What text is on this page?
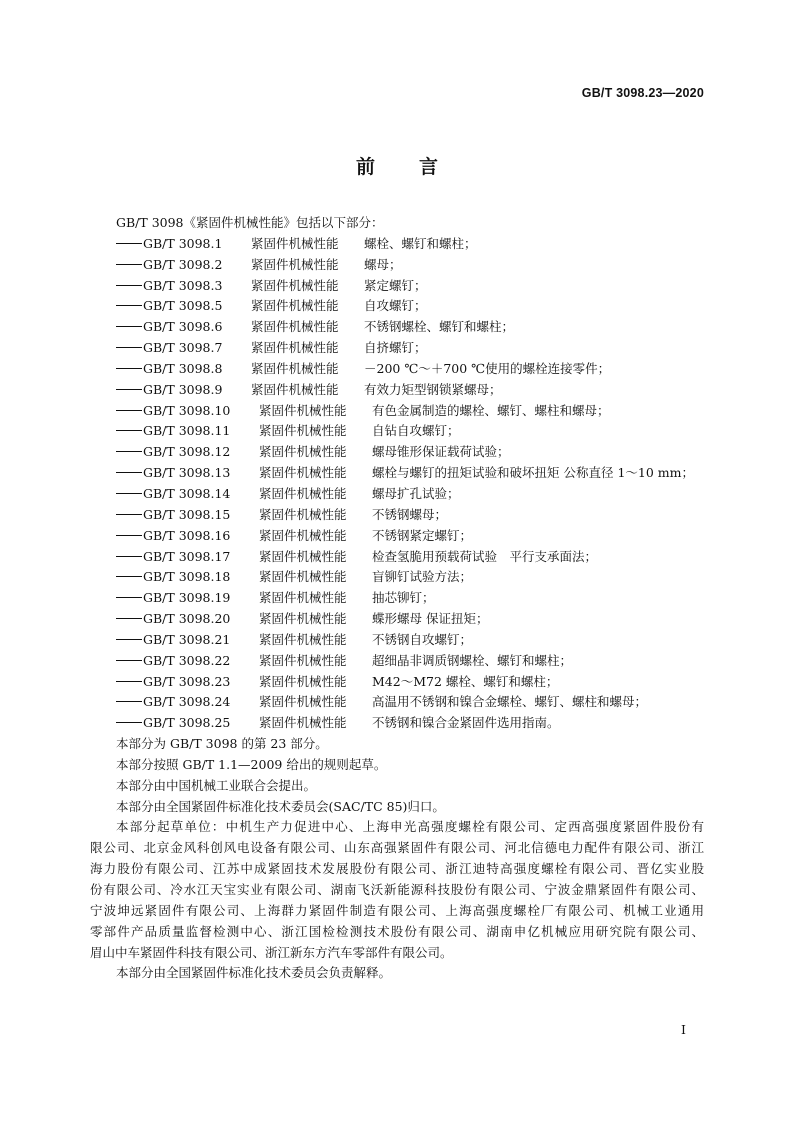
GB/T 3098.23—2020
前言
GB/T 3098《紧固件机械性能》包括以下部分：
GB/T 3098.1 紧固件机械性能 螺栓、螺钉和螺柱；
GB/T 3098.2 紧固件机械性能 螺母；
GB/T 3098.3 紧固件机械性能 紧定螺钉；
GB/T 3098.5 紧固件机械性能 自攻螺钉；
GB/T 3098.6 紧固件机械性能 不锈钢螺栓、螺钉和螺柱；
GB/T 3098.7 紧固件机械性能 自挤螺钉；
GB/T 3098.8 紧固件机械性能 －200 ℃～＋700 ℃使用的螺栓连接零件；
GB/T 3098.9 紧固件机械性能 有效力矩型钢锁紧螺母；
GB/T 3098.10 紧固件机械性能 有色金属制造的螺栓、螺钉、螺柱和螺母；
GB/T 3098.11 紧固件机械性能 自钻自攻螺钉；
GB/T 3098.12 紧固件机械性能 螺母锥形保证载荷试验；
GB/T 3098.13 紧固件机械性能 螺栓与螺钉的扭矩试验和破坏扭矩 公称直径 1～10 mm；
GB/T 3098.14 紧固件机械性能 螺母扩孔试验；
GB/T 3098.15 紧固件机械性能 不锈钢螺母；
GB/T 3098.16 紧固件机械性能 不锈钢紧定螺钉；
GB/T 3098.17 紧固件机械性能 检查氢脆用预载荷试验　平行支承面法；
GB/T 3098.18 紧固件机械性能 盲铆钉试验方法；
GB/T 3098.19 紧固件机械性能 抽芯铆钉；
GB/T 3098.20 紧固件机械性能 蝶形螺母 保证扭矩；
GB/T 3098.21 紧固件机械性能 不锈钢自攻螺钉；
GB/T 3098.22 紧固件机械性能 超细晶非调质钢螺栓、螺钉和螺柱；
GB/T 3098.23 紧固件机械性能 M42～M72 螺栓、螺钉和螺柱；
GB/T 3098.24 紧固件机械性能 高温用不锈钢和镍合金螺栓、螺钉、螺柱和螺母；
GB/T 3098.25 紧固件机械性能 不锈钢和镍合金紧固件选用指南。
本部分为 GB/T 3098 的第 23 部分。
本部分按照 GB/T 1.1—2009 给出的规则起草。
本部分由中国机械工业联合会提出。
本部分由全国紧固件标准化技术委员会(SAC/TC 85)归口。
本部分起草单位：中机生产力促进中心、上海申光高强度螺栓有限公司、定西高强度紧固件股份有
限公司、北京金风科创风电设备有限公司、山东高强紧固件有限公司、河北信德电力配件有限公司、浙江
海力股份有限公司、江苏中成紧固技术发展股份有限公司、浙江迪特高强度螺栓有限公司、晋亿实业股
份有限公司、冷水江天宝实业有限公司、湖南飞沃新能源科技股份有限公司、宁波金鼎紧固件有限公司、
宁波坤远紧固件有限公司、上海群力紧固件制造有限公司、上海高强度螺栓厂有限公司、机械工业通用
零部件产品质量监督检测中心、浙江国检检测技术股份有限公司、湖南申亿机械应用研究院有限公司、
眉山中车紧固件科技有限公司、浙江新东方汽车零部件有限公司。
本部分由全国紧固件标准化技术委员会负责解释。
I
